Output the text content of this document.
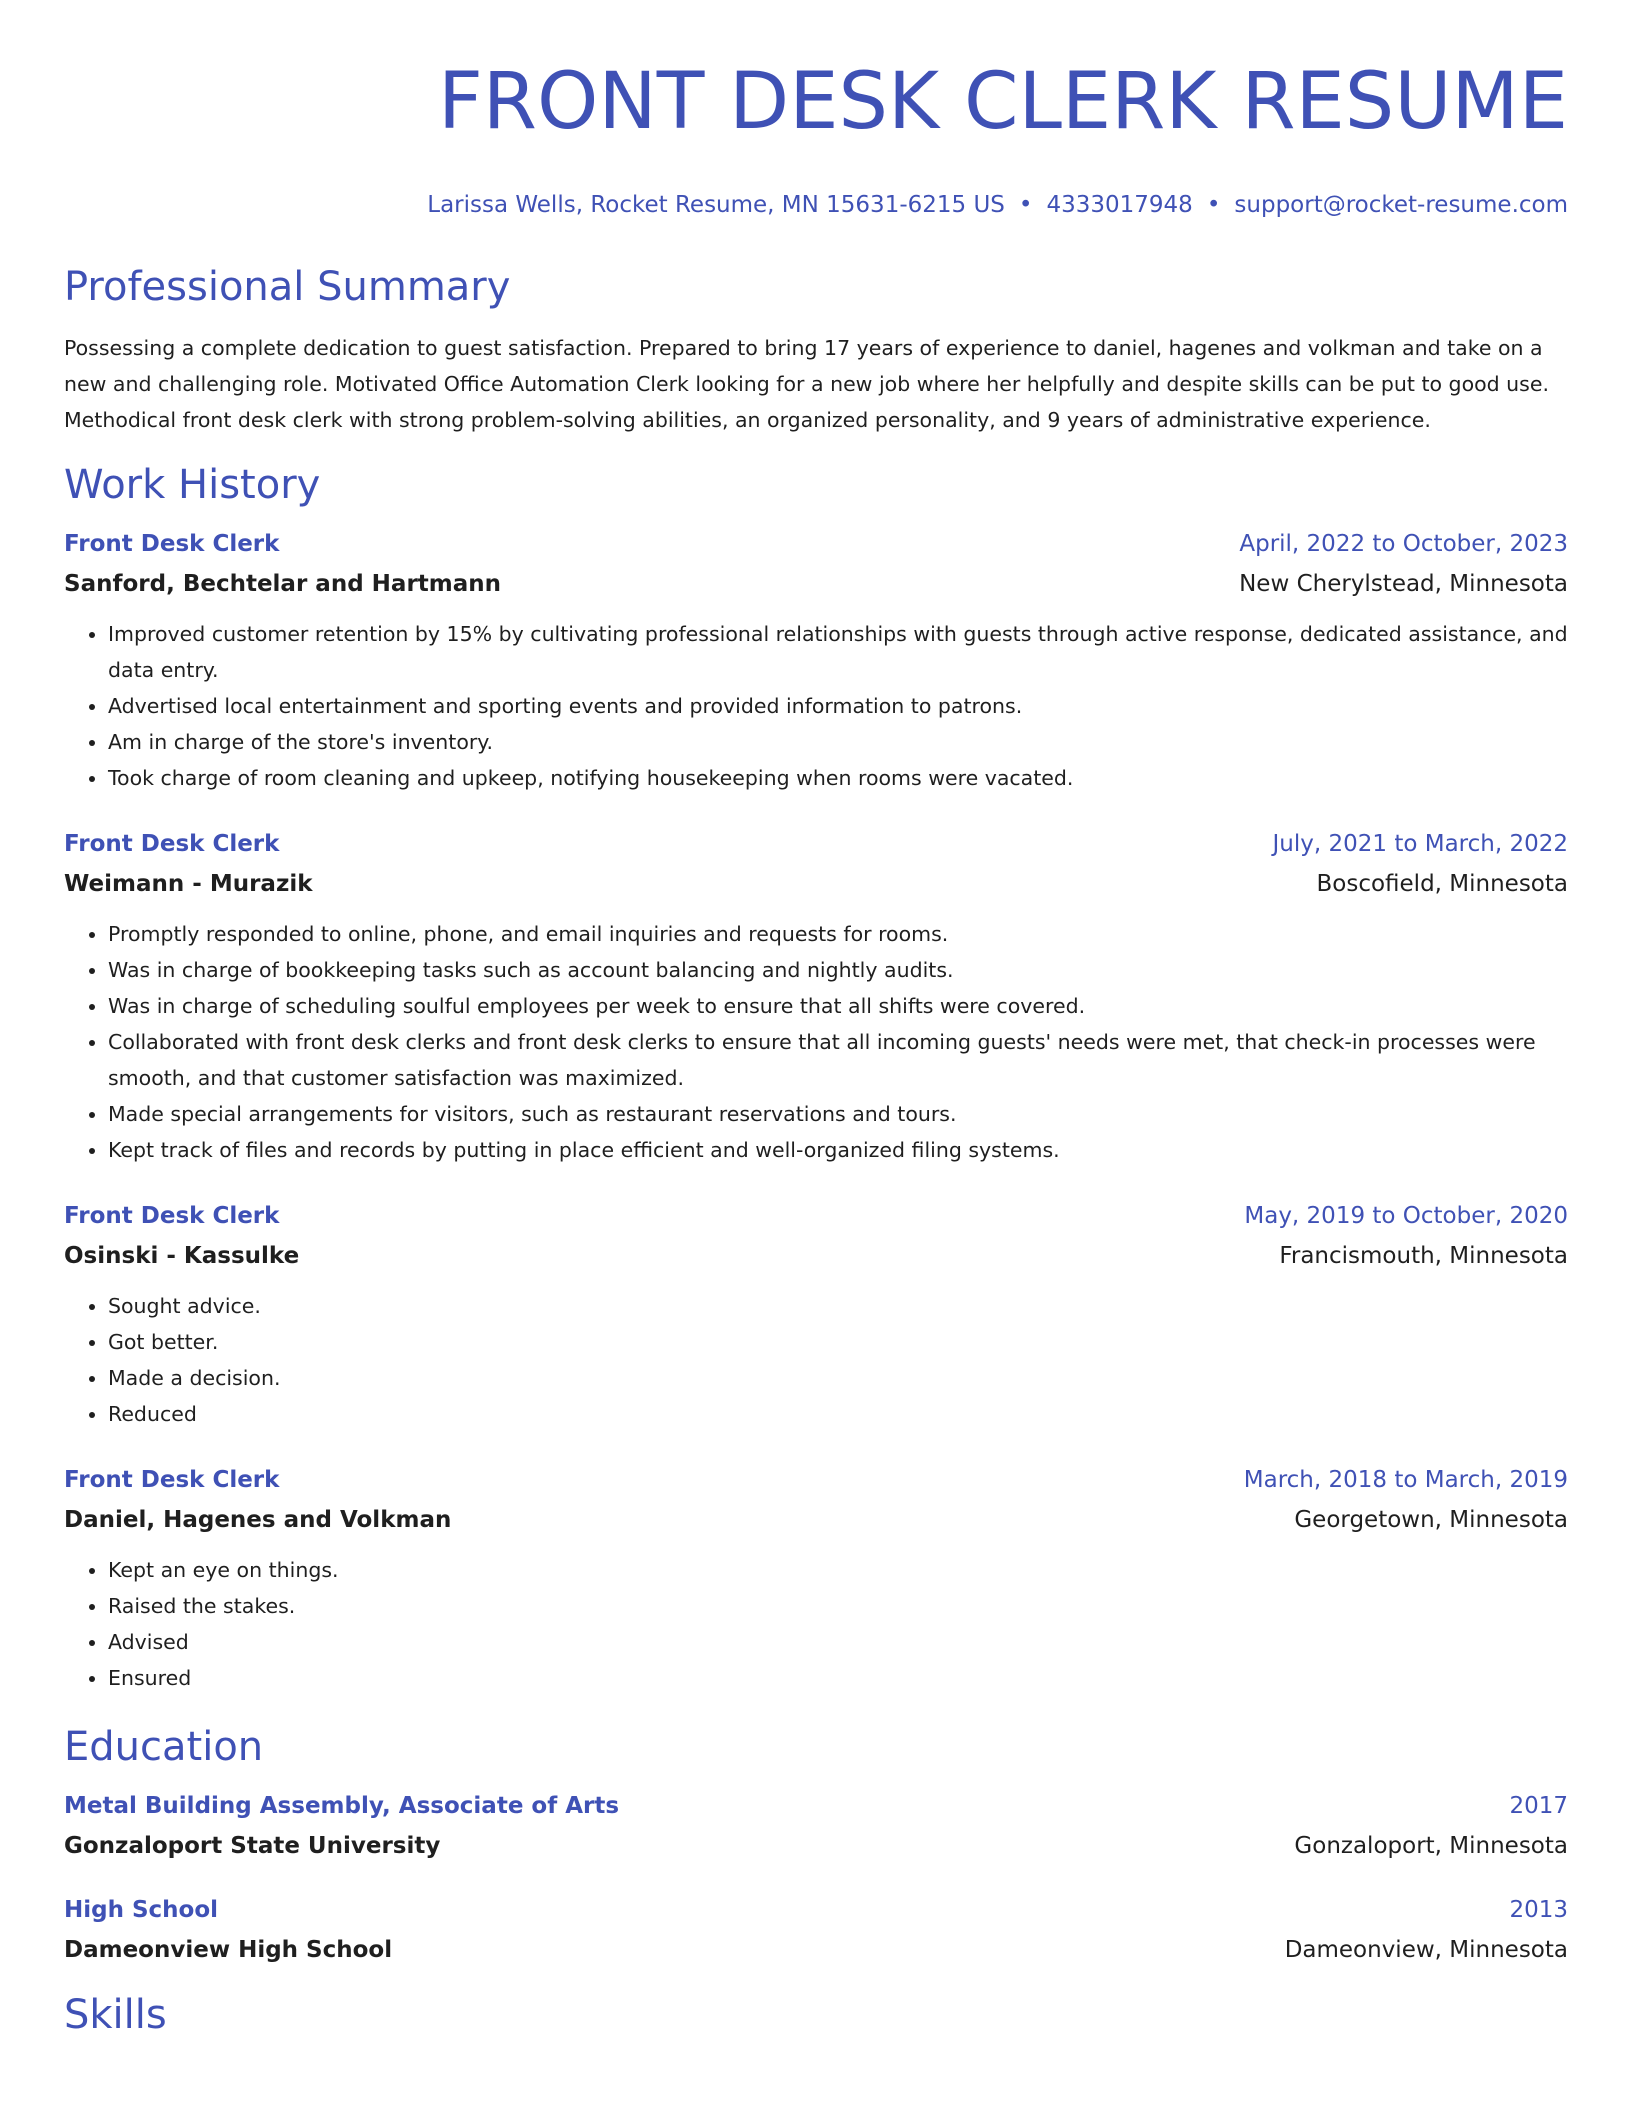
FRONT DESK CLERK RESUME
Larissa Wells, Rocket Resume, MN 15631-6215 US • 4333017948 • support@rocket-resume.com
Professional Summary
Possessing a complete dedication to guest satisfaction. Prepared to bring 17 years of experience to daniel, hagenes and volkman and take on a new and challenging role. Motivated Office Automation Clerk looking for a new job where her helpfully and despite skills can be put to good use. Methodical front desk clerk with strong problem-solving abilities, an organized personality, and 9 years of administrative experience.
Work History
Front Desk Clerk	April, 2022 to October, 2023
Sanford, Bechtelar and Hartmann	New Cherylstead, Minnesota
• Improved customer retention by 15% by cultivating professional relationships with guests through active response, dedicated assistance, and data entry.
• Advertised local entertainment and sporting events and provided information to patrons.
• Am in charge of the store's inventory.
• Took charge of room cleaning and upkeep, notifying housekeeping when rooms were vacated.
Front Desk Clerk	July, 2021 to March, 2022
Weimann - Murazik	Boscofield, Minnesota
• Promptly responded to online, phone, and email inquiries and requests for rooms.
• Was in charge of bookkeeping tasks such as account balancing and nightly audits.
• Was in charge of scheduling soulful employees per week to ensure that all shifts were covered.
• Collaborated with front desk clerks and front desk clerks to ensure that all incoming guests' needs were met, that check-in processes were smooth, and that customer satisfaction was maximized.
• Made special arrangements for visitors, such as restaurant reservations and tours.
• Kept track of files and records by putting in place efficient and well-organized filing systems.
Front Desk Clerk	May, 2019 to October, 2020
Osinski - Kassulke	Francismouth, Minnesota
• Sought advice.
• Got better.
• Made a decision.
• Reduced
Front Desk Clerk	March, 2018 to March, 2019
Daniel, Hagenes and Volkman	Georgetown, Minnesota
• Kept an eye on things.
• Raised the stakes.
• Advised
• Ensured
Education
Metal Building Assembly, Associate of Arts	2017
Gonzaloport State University	Gonzaloport, Minnesota
High School	2013
Dameonview High School	Dameonview, Minnesota
Skills
